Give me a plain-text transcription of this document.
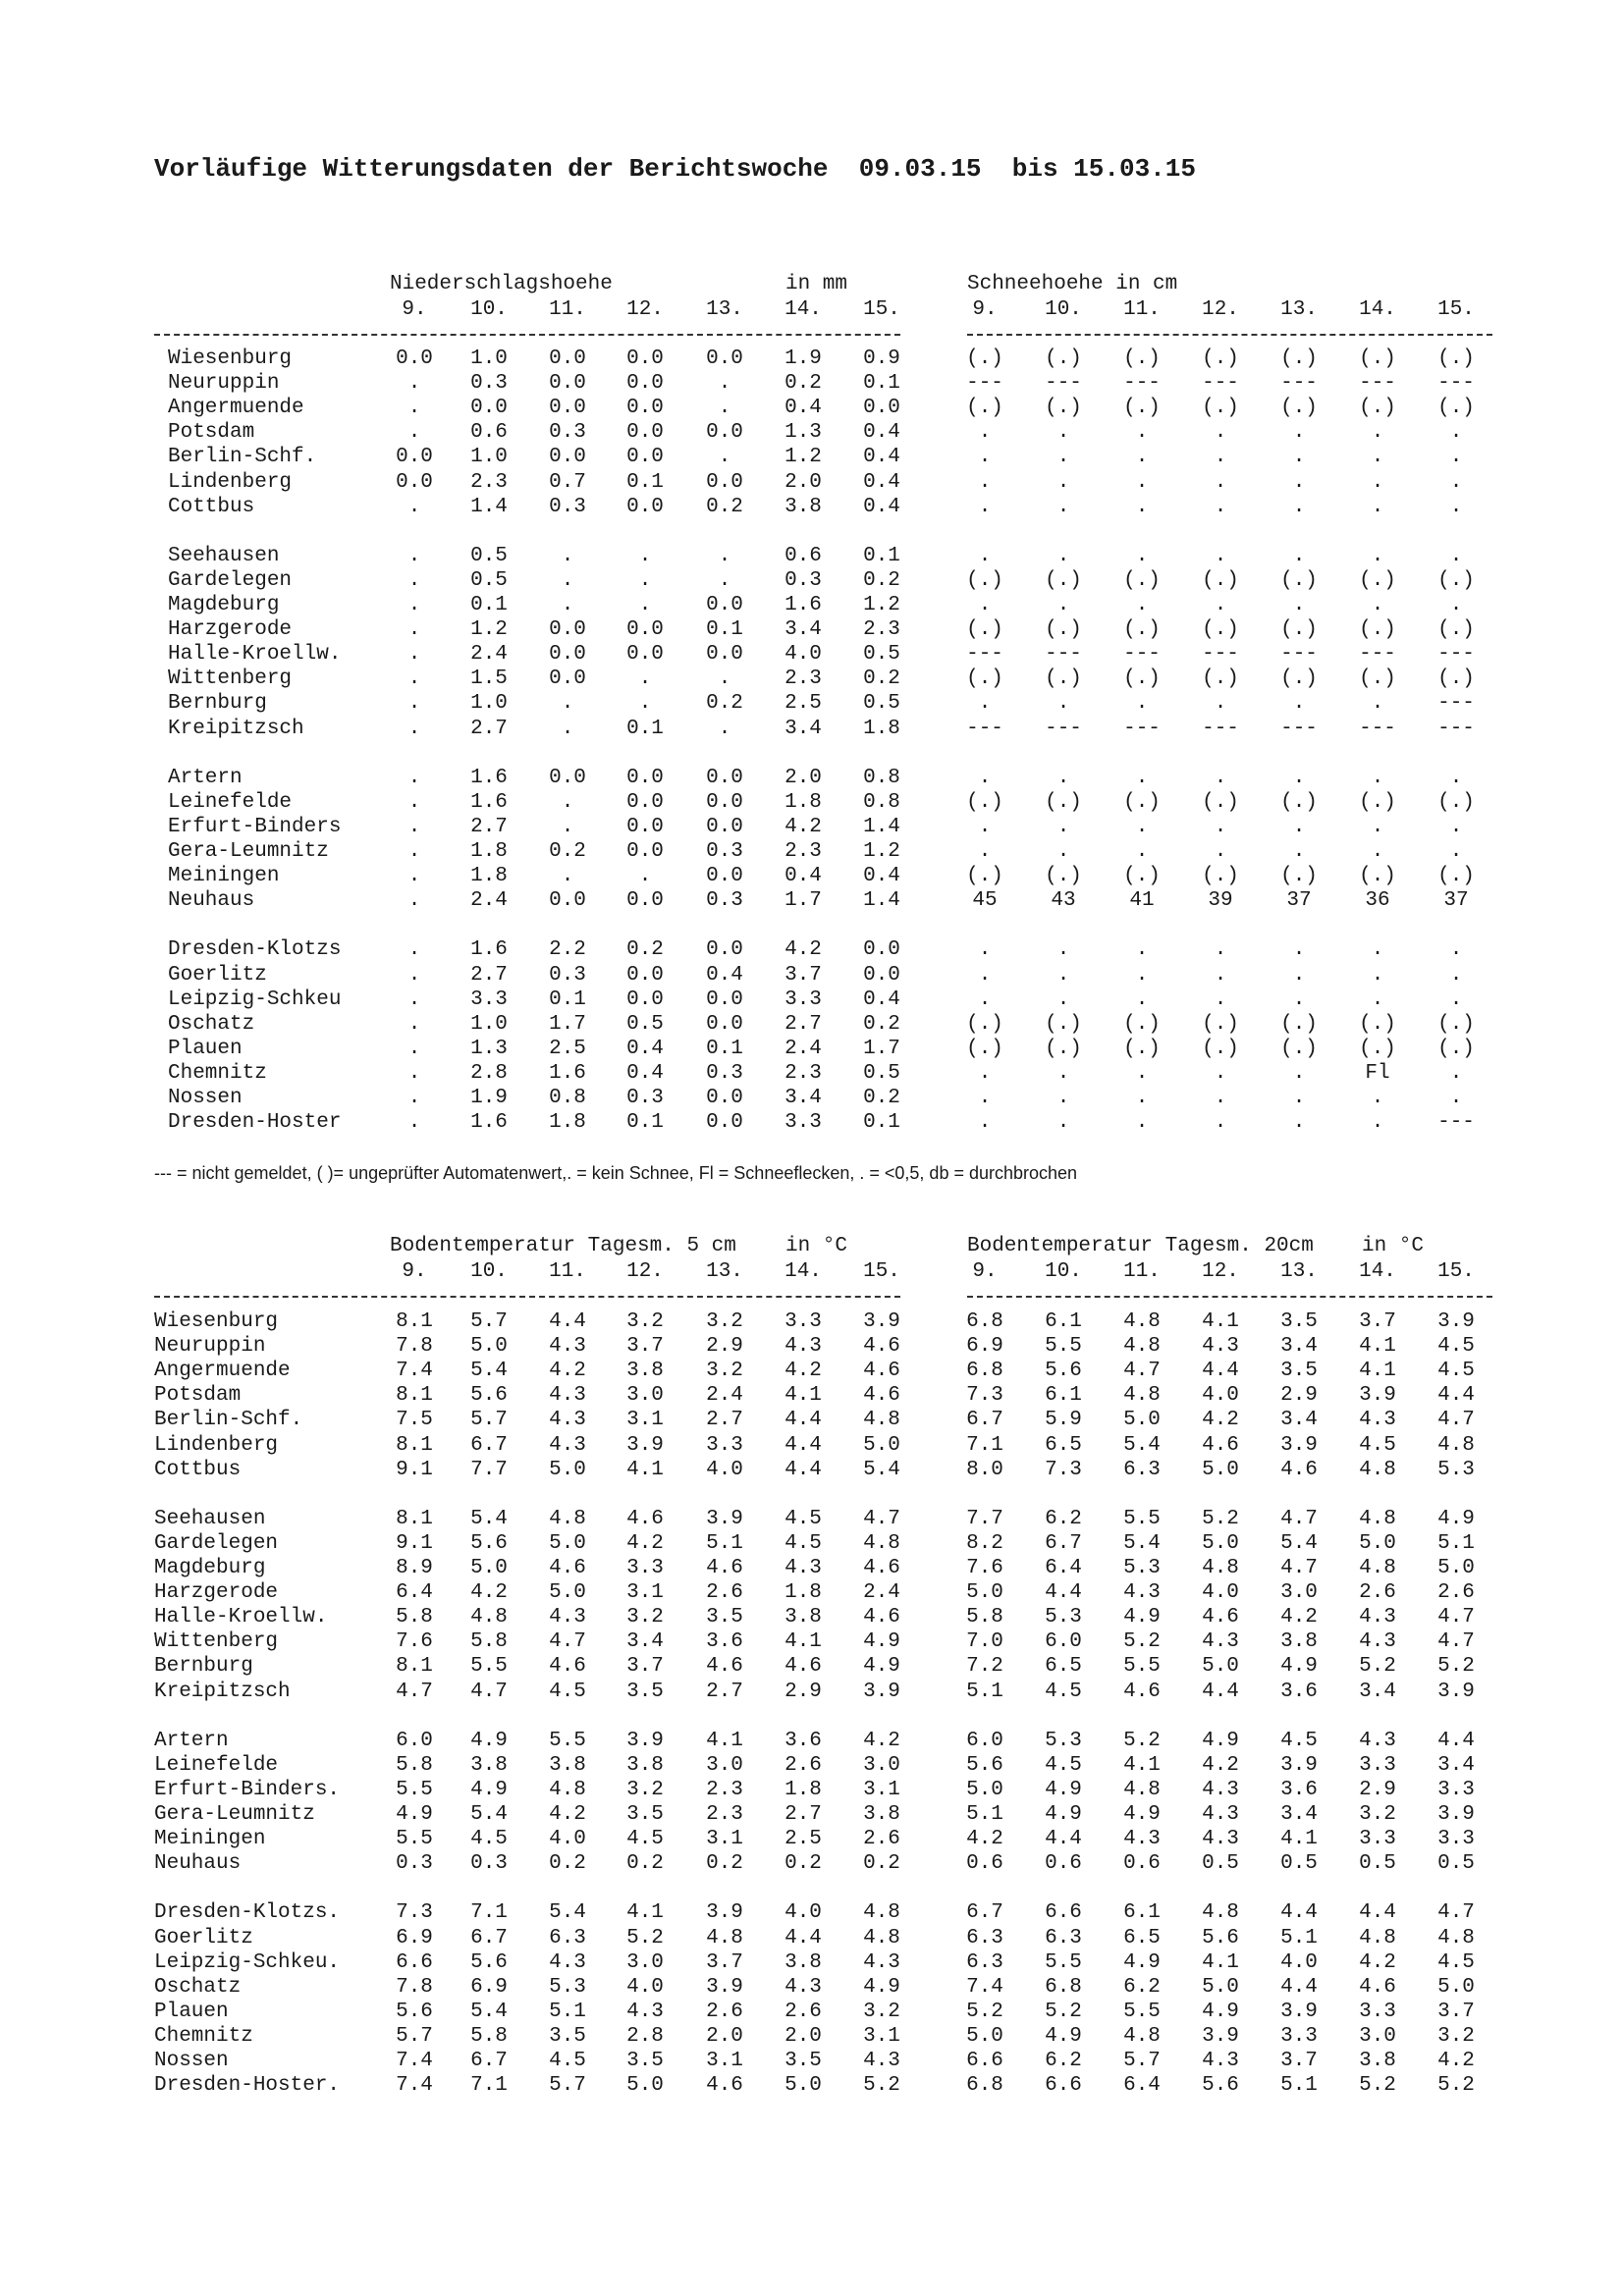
Vorläufige Witterungsdaten der Berichtswoche  09.03.15  bis 15.03.15
Niederschlagshoehe	in mm	Schneehoehe in cm
9.	9.
10.	10.
11.	11.
12.	12.
13.	13.
14.	14.
15.	15.
Wiesenburg	0.0 1.0 0.0 0.0 0.0 1.9 0.9	(.) (.) (.) (.) (.) (.) (.)
Neuruppin	. 0.3 0.0 0.0	.	0.2 0.1	--- --- --- --- --- --- ---
Angermuende	. 0.0 0.0 0.0	.	0.4 0.0	(.) (.) (.) (.) (.) (.) (.)
Potsdam	. 0.6 0.3 0.0 0.0 1.3 0.4	.	.	.	.	.	.	.
Berlin-Schf.	0.0 1.0 0.0 0.0	.	1.2 0.4	.	.	.	.	.	.	.
Lindenberg	0.0 2.3 0.7 0.1 0.0 2.0 0.4	.	.	.	.	.	.	.
Cottbus	. 1.4 0.3 0.0 0.2 3.8 0.4	.	.	.	.	.	.	.
Seehausen	. 0.5	.	.	.	0.6 0.1	.	.	.	.	.	.	.
Gardelegen	. 0.5	.	.	.	0.3 0.2	(.) (.) (.) (.) (.) (.) (.)
Magdeburg	. 0.1	.	.	0.0 1.6 1.2	.	.	.	.	.	.	.
Harzgerode	. 1.2 0.0 0.0 0.1 3.4 2.3	(.) (.) (.) (.) (.) (.) (.)
Halle-Kroellw.	. 2.4 0.0 0.0 0.0 4.0 0.5	--- --- --- --- --- --- ---
Wittenberg	. 1.5 0.0	.	.	2.3 0.2	(.) (.) (.) (.) (.) (.) (.)
Bernburg	. 1.0	.	.	0.2 2.5 0.5	.	.	.	.	.	.	---
Kreipitzsch	. 2.7	.	0.1	.	3.4 1.8	--- --- --- --- --- --- ---
Artern	. 1.6 0.0 0.0 0.0 2.0 0.8	.	.	.	.	.	.	.
Leinefelde	. 1.6	.	0.0 0.0 1.8 0.8	(.) (.) (.) (.) (.) (.) (.)
Erfurt-Binders	. 2.7	.	0.0 0.0 4.2 1.4	.	.	.	.	.	.	.
Gera-Leumnitz	. 1.8 0.2 0.0 0.3 2.3 1.2	.	.	.	.	.	.	.
Meiningen	. 1.8	.	.	0.0 0.4 0.4	(.) (.) (.) (.) (.) (.) (.)
Neuhaus	. 2.4 0.0 0.0 0.3 1.7 1.4	45	43	41	39	37	36	37
Dresden-Klotzs	. 1.6 2.2 0.2 0.0 4.2 0.0	.	.	.	.	.	.	.
Goerlitz	. 2.7 0.3 0.0 0.4 3.7 0.0	.	.	.	.	.	.	.
Leipzig-Schkeu	. 3.3 0.1 0.0 0.0 3.3 0.4	.	.	.	.	.	.	.
Oschatz	. 1.0 1.7 0.5 0.0 2.7 0.2	(.) (.) (.) (.) (.) (.) (.)
Plauen	. 1.3 2.5 0.4 0.1 2.4 1.7	(.) (.) (.) (.) (.) (.) (.)
Chemnitz	. 2.8 1.6 0.4 0.3 2.3 0.5	.	.	.	.	.	Fl	.
Nossen	. 1.9 0.8 0.3 0.0 3.4 0.2	.	.	.	.	.	.	.
Dresden-Hoster	. 1.6 1.8 0.1 0.0 3.3 0.1	.	.	.	.	.	.	---
--- = nicht gemeldet, ( )= ungeprüfter Automatenwert,. = kein Schnee, Fl = Schneeflecken, . = <0,5, db = durchbrochen
Bodentemperatur Tagesm. 5 cm in °C	Bodentemperatur Tagesm. 20cm in °C
9.	9.
10.	10.
11.	11.
12.	12.
13.	13.
14.	14.
15.	15.
Wiesenburg	8.1 5.7 4.4 3.2 3.2 3.3 3.9	6.8 6.1 4.8 4.1 3.5 3.7 3.9
Neuruppin	7.8 5.0 4.3 3.7 2.9 4.3 4.6	6.9 5.5 4.8 4.3 3.4 4.1 4.5
Angermuende	7.4 5.4 4.2 3.8 3.2 4.2 4.6	6.8 5.6 4.7 4.4 3.5 4.1 4.5
Potsdam	8.1 5.6 4.3 3.0 2.4 4.1 4.6	7.3 6.1 4.8 4.0 2.9 3.9 4.4
Berlin-Schf.	7.5 5.7 4.3 3.1 2.7 4.4 4.8	6.7 5.9 5.0 4.2 3.4 4.3 4.7
Lindenberg	8.1 6.7 4.3 3.9 3.3 4.4 5.0	7.1 6.5 5.4 4.6 3.9 4.5 4.8
Cottbus	9.1 7.7 5.0 4.1 4.0 4.4 5.4	8.0 7.3 6.3 5.0 4.6 4.8 5.3
Seehausen	8.1 5.4 4.8 4.6 3.9 4.5 4.7	7.7 6.2 5.5 5.2 4.7 4.8 4.9
Gardelegen	9.1 5.6 5.0 4.2 5.1 4.5 4.8	8.2 6.7 5.4 5.0 5.4 5.0 5.1
Magdeburg	8.9 5.0 4.6 3.3 4.6 4.3 4.6	7.6 6.4 5.3 4.8 4.7 4.8 5.0
Harzgerode	6.4 4.2 5.0 3.1 2.6 1.8 2.4	5.0 4.4 4.3 4.0 3.0 2.6 2.6
Halle-Kroellw.	5.8 4.8 4.3 3.2 3.5 3.8 4.6	5.8 5.3 4.9 4.6 4.2 4.3 4.7
Wittenberg	7.6 5.8 4.7 3.4 3.6 4.1 4.9	7.0 6.0 5.2 4.3 3.8 4.3 4.7
Bernburg	8.1 5.5 4.6 3.7 4.6 4.6 4.9	7.2 6.5 5.5 5.0 4.9 5.2 5.2
Kreipitzsch	4.7 4.7 4.5 3.5 2.7 2.9 3.9	5.1 4.5 4.6 4.4 3.6 3.4 3.9
Artern	6.0 4.9 5.5 3.9 4.1 3.6 4.2	6.0 5.3 5.2 4.9 4.5 4.3 4.4
Leinefelde	5.8 3.8 3.8 3.8 3.0 2.6 3.0	5.6 4.5 4.1 4.2 3.9 3.3 3.4
Erfurt-Binders.	5.5 4.9 4.8 3.2 2.3 1.8 3.1	5.0 4.9 4.8 4.3 3.6 2.9 3.3
Gera-Leumnitz	4.9 5.4 4.2 3.5 2.3 2.7 3.8	5.1 4.9 4.9 4.3 3.4 3.2 3.9
Meiningen	5.5 4.5 4.0 4.5 3.1 2.5 2.6	4.2 4.4 4.3 4.3 4.1 3.3 3.3
Neuhaus	0.3 0.3 0.2 0.2 0.2 0.2 0.2	0.6 0.6 0.6 0.5 0.5 0.5 0.5
Dresden-Klotzs.	7.3 7.1 5.4 4.1 3.9 4.0 4.8	6.7 6.6 6.1 4.8 4.4 4.4 4.7
Goerlitz	6.9 6.7 6.3 5.2 4.8 4.4 4.8	6.3 6.3 6.5 5.6 5.1 4.8 4.8
Leipzig-Schkeu.	6.6 5.6 4.3 3.0 3.7 3.8 4.3	6.3 5.5 4.9 4.1 4.0 4.2 4.5
Oschatz	7.8 6.9 5.3 4.0 3.9 4.3 4.9	7.4 6.8 6.2 5.0 4.4 4.6 5.0
Plauen	5.6 5.4 5.1 4.3 2.6 2.6 3.2	5.2 5.2 5.5 4.9 3.9 3.3 3.7
Chemnitz	5.7 5.8 3.5 2.8 2.0 2.0 3.1	5.0 4.9 4.8 3.9 3.3 3.0 3.2
Nossen	7.4 6.7 4.5 3.5 3.1 3.5 4.3	6.6 6.2 5.7 4.3 3.7 3.8 4.2
Dresden-Hoster.	7.4 7.1 5.7 5.0 4.6 5.0 5.2	6.8 6.6 6.4 5.6 5.1 5.2 5.2
